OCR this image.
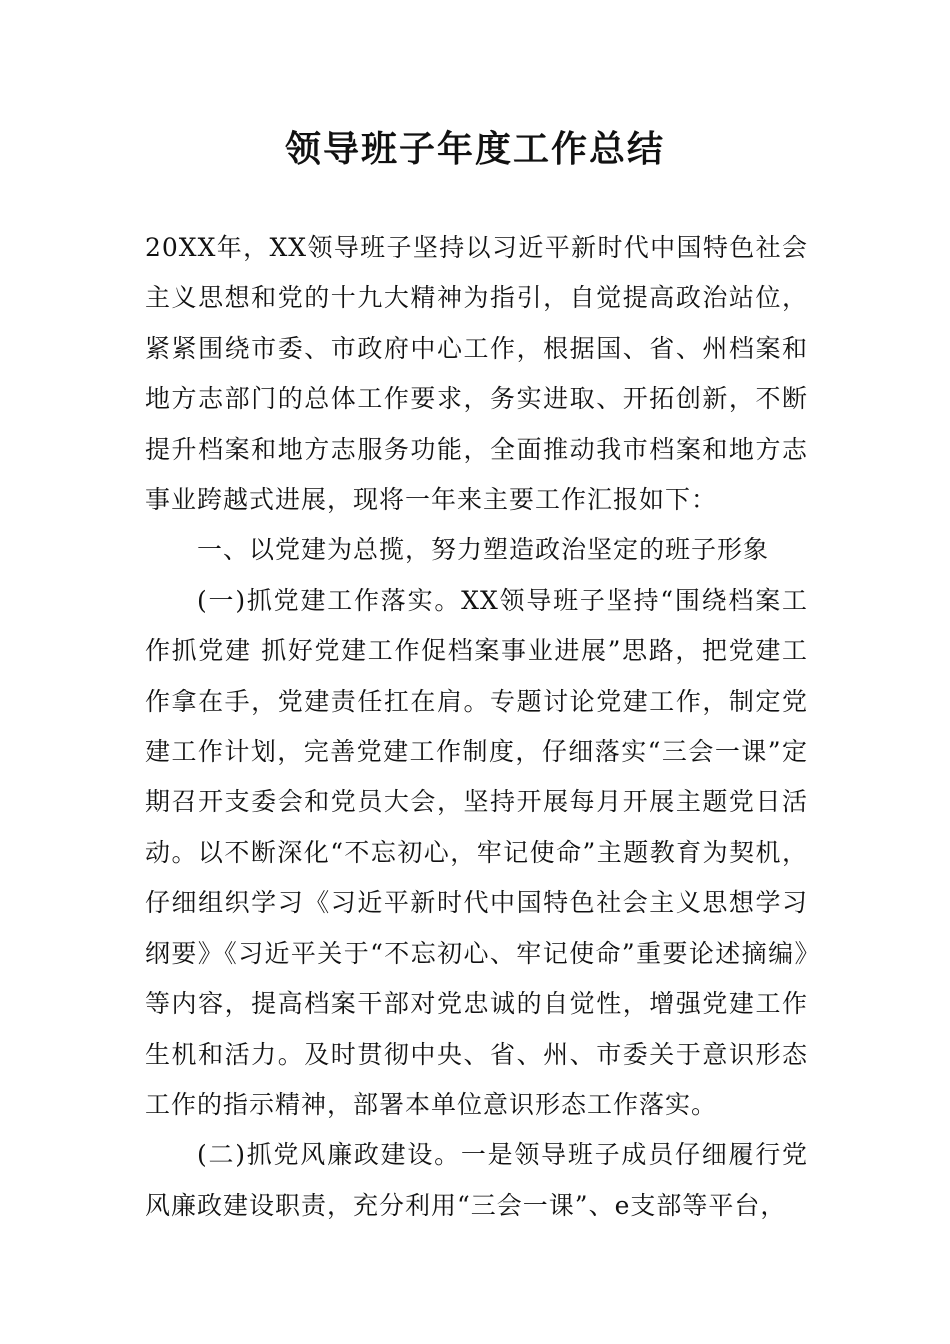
领导班子年度工作总结

20XX年，XX领导班子坚持以习近平新时代中国特色社会主义思想和党的十九大精神为指引，自觉提高政治站位，紧紧围绕市委、市政府中心工作，根据国、省、州档案和地方志部门的总体工作要求，务实进取、开拓创新，不断提升档案和地方志服务功能，全面推动我市档案和地方志事业跨越式进展，现将一年来主要工作汇报如下：

一、以党建为总揽，努力塑造政治坚定的班子形象

(一)抓党建工作落实。XX领导班子坚持“围绕档案工作抓党建 抓好党建工作促档案事业进展”思路，把党建工作拿在手，党建责任扛在肩。专题讨论党建工作，制定党建工作计划，完善党建工作制度，仔细落实“三会一课”定期召开支委会和党员大会，坚持开展每月开展主题党日活动。以不断深化“不忘初心，牢记使命”主题教育为契机，仔细组织学习《习近平新时代中国特色社会主义思想学习纲要》《习近平关于“不忘初心、牢记使命”重要论述摘编》等内容，提高档案干部对党忠诚的自觉性，增强党建工作生机和活力。及时贯彻中央、省、州、市委关于意识形态工作的指示精神，部署本单位意识形态工作落实。

(二)抓党风廉政建设。一是领导班子成员仔细履行党风廉政建设职责，充分利用“三会一课”、e支部等平台，
